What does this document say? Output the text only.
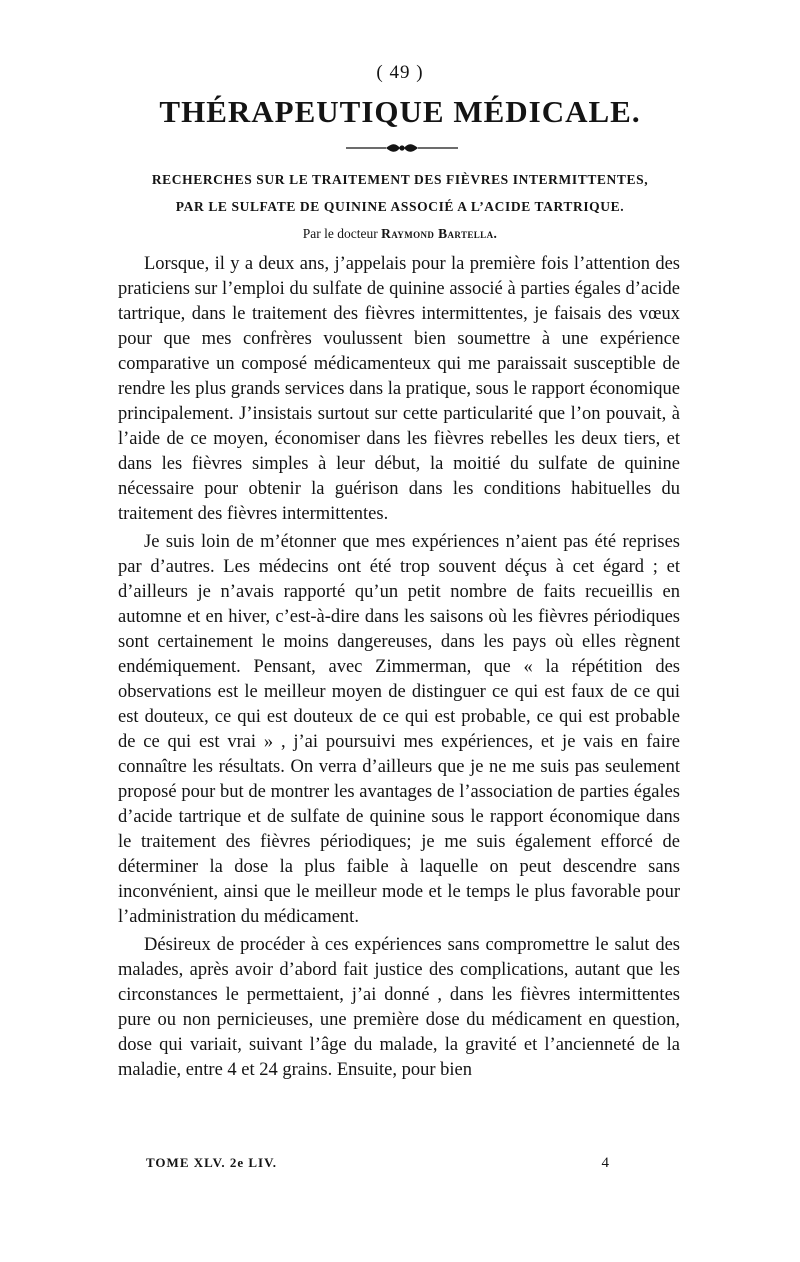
( 49 )
THÉRAPEUTIQUE MÉDICALE.
RECHERCHES SUR LE TRAITEMENT DES FIÈVRES INTERMITTENTES,
PAR LE SULFATE DE QUININE ASSOCIÉ A L’ACIDE TARTRIQUE.
Par le docteur Raymond Bartella.

Lorsque, il y a deux ans, j’appelais pour la première fois l’attention des praticiens sur l’emploi du sulfate de quinine associé à parties égales d’acide tartrique, dans le traitement des fièvres intermittentes, je faisais des vœux pour que mes confrères voulussent bien soumettre à une expérience comparative un composé médicamenteux qui me paraissait susceptible de rendre les plus grands services dans la pratique, sous le rapport économique principalement. J’insistais surtout sur cette particularité que l’on pouvait, à l’aide de ce moyen, économiser dans les fièvres rebelles les deux tiers, et dans les fièvres simples à leur début, la moitié du sulfate de quinine nécessaire pour obtenir la guérison dans les conditions habituelles du traitement des fièvres intermittentes.

Je suis loin de m’étonner que mes expériences n’aient pas été reprises par d’autres. Les médecins ont été trop souvent déçus à cet égard ; et d’ailleurs je n’avais rapporté qu’un petit nombre de faits recueillis en automne et en hiver, c’est-à-dire dans les saisons où les fièvres périodiques sont certainement le moins dangereuses, dans les pays où elles règnent endémiquement. Pensant, avec Zimmerman, que « la répétition des observations est le meilleur moyen de distinguer ce qui est faux de ce qui est douteux, ce qui est douteux de ce qui est probable, ce qui est probable de ce qui est vrai » , j’ai poursuivi mes expériences, et je vais en faire connaître les résultats. On verra d’ailleurs que je ne me suis pas seulement proposé pour but de montrer les avantages de l’association de parties égales d’acide tartrique et de sulfate de quinine sous le rapport économique dans le traitement des fièvres périodiques; je me suis également efforcé de déterminer la dose la plus faible à laquelle on peut descendre sans inconvénient, ainsi que le meilleur mode et le temps le plus favorable pour l’administration du médicament.

Désireux de procéder à ces expériences sans compromettre le salut des malades, après avoir d’abord fait justice des complications, autant que les circonstances le permettaient, j’ai donné , dans les fièvres intermittentes pure ou non pernicieuses, une première dose du médicament en question, dose qui variait, suivant l’âge du malade, la gravité et l’ancienneté de la maladie, entre 4 et 24 grains. Ensuite, pour bien

TOME XLV. 2e LIV.	4
